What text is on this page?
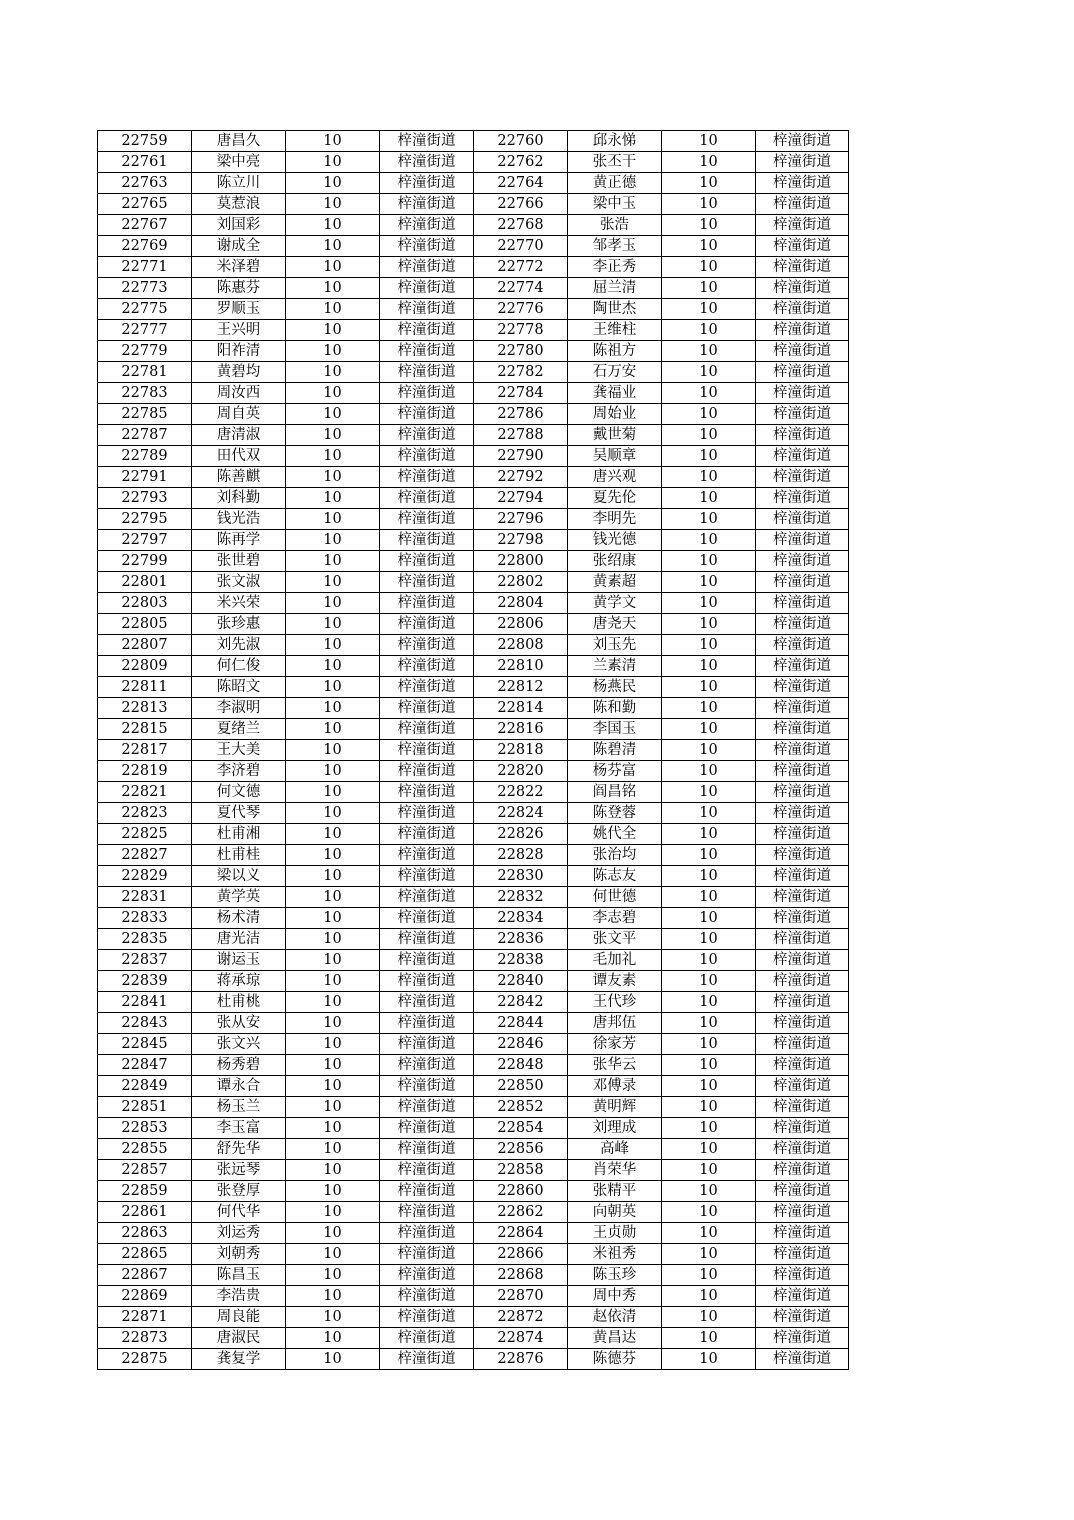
22759	唐昌久	10	梓潼街道	22760	邱永悌	10	梓潼街道
22761	梁中亮	10	梓潼街道	22762	张丕干	10	梓潼街道
22763	陈立川	10	梓潼街道	22764	黄正德	10	梓潼街道
22765	莫惹浪	10	梓潼街道	22766	梁中玉	10	梓潼街道
22767	刘国彩	10	梓潼街道	22768	张浩	10	梓潼街道
22769	谢成全	10	梓潼街道	22770	邹孝玉	10	梓潼街道
22771	米泽碧	10	梓潼街道	22772	李正秀	10	梓潼街道
22773	陈惠芬	10	梓潼街道	22774	屈兰清	10	梓潼街道
22775	罗顺玉	10	梓潼街道	22776	陶世杰	10	梓潼街道
22777	王兴明	10	梓潼街道	22778	王维柱	10	梓潼街道
22779	阳祚清	10	梓潼街道	22780	陈祖方	10	梓潼街道
22781	黄碧均	10	梓潼街道	22782	石万安	10	梓潼街道
22783	周汝西	10	梓潼街道	22784	龚福业	10	梓潼街道
22785	周自英	10	梓潼街道	22786	周始业	10	梓潼街道
22787	唐清淑	10	梓潼街道	22788	戴世菊	10	梓潼街道
22789	田代双	10	梓潼街道	22790	吴顺章	10	梓潼街道
22791	陈善麒	10	梓潼街道	22792	唐兴观	10	梓潼街道
22793	刘科勤	10	梓潼街道	22794	夏先伦	10	梓潼街道
22795	钱光浩	10	梓潼街道	22796	李明先	10	梓潼街道
22797	陈再学	10	梓潼街道	22798	钱光德	10	梓潼街道
22799	张世碧	10	梓潼街道	22800	张绍康	10	梓潼街道
22801	张文淑	10	梓潼街道	22802	黄素超	10	梓潼街道
22803	米兴荣	10	梓潼街道	22804	黄学文	10	梓潼街道
22805	张珍惠	10	梓潼街道	22806	唐尧天	10	梓潼街道
22807	刘先淑	10	梓潼街道	22808	刘玉先	10	梓潼街道
22809	何仁俊	10	梓潼街道	22810	兰素清	10	梓潼街道
22811	陈昭文	10	梓潼街道	22812	杨燕民	10	梓潼街道
22813	李淑明	10	梓潼街道	22814	陈和勤	10	梓潼街道
22815	夏绪兰	10	梓潼街道	22816	李国玉	10	梓潼街道
22817	王大美	10	梓潼街道	22818	陈碧清	10	梓潼街道
22819	李济碧	10	梓潼街道	22820	杨芬富	10	梓潼街道
22821	何文德	10	梓潼街道	22822	阎昌铭	10	梓潼街道
22823	夏代琴	10	梓潼街道	22824	陈登蓉	10	梓潼街道
22825	杜甫湘	10	梓潼街道	22826	姚代全	10	梓潼街道
22827	杜甫桂	10	梓潼街道	22828	张治均	10	梓潼街道
22829	梁以义	10	梓潼街道	22830	陈志友	10	梓潼街道
22831	黄学英	10	梓潼街道	22832	何世德	10	梓潼街道
22833	杨术清	10	梓潼街道	22834	李志碧	10	梓潼街道
22835	唐光洁	10	梓潼街道	22836	张文平	10	梓潼街道
22837	谢运玉	10	梓潼街道	22838	毛加礼	10	梓潼街道
22839	蒋承琼	10	梓潼街道	22840	谭友素	10	梓潼街道
22841	杜甫桃	10	梓潼街道	22842	王代珍	10	梓潼街道
22843	张从安	10	梓潼街道	22844	唐邦伍	10	梓潼街道
22845	张文兴	10	梓潼街道	22846	徐家芳	10	梓潼街道
22847	杨秀碧	10	梓潼街道	22848	张华云	10	梓潼街道
22849	谭永合	10	梓潼街道	22850	邓傅录	10	梓潼街道
22851	杨玉兰	10	梓潼街道	22852	黄明辉	10	梓潼街道
22853	李玉富	10	梓潼街道	22854	刘理成	10	梓潼街道
22855	舒先华	10	梓潼街道	22856	高峰	10	梓潼街道
22857	张远琴	10	梓潼街道	22858	肖荣华	10	梓潼街道
22859	张登厚	10	梓潼街道	22860	张精平	10	梓潼街道
22861	何代华	10	梓潼街道	22862	向朝英	10	梓潼街道
22863	刘运秀	10	梓潼街道	22864	王贞勋	10	梓潼街道
22865	刘朝秀	10	梓潼街道	22866	米祖秀	10	梓潼街道
22867	陈昌玉	10	梓潼街道	22868	陈玉珍	10	梓潼街道
22869	李浩贵	10	梓潼街道	22870	周中秀	10	梓潼街道
22871	周良能	10	梓潼街道	22872	赵依清	10	梓潼街道
22873	唐淑民	10	梓潼街道	22874	黄昌达	10	梓潼街道
22875	龚复学	10	梓潼街道	22876	陈德芬	10	梓潼街道
